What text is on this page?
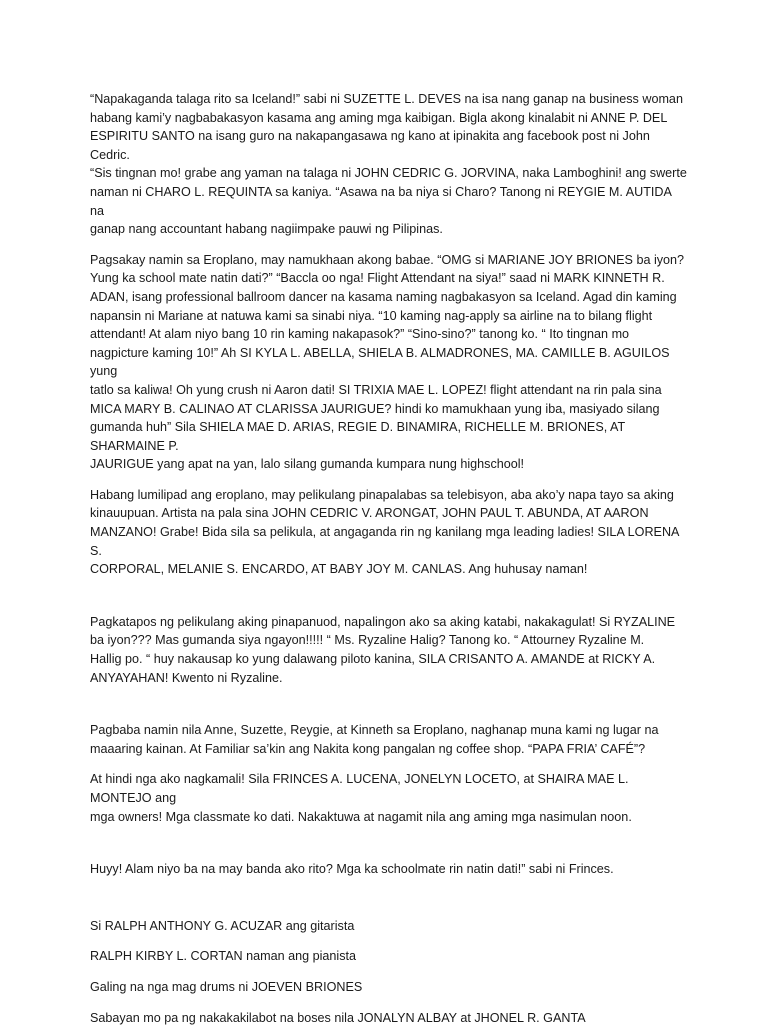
“Napakaganda talaga rito sa Iceland!” sabi ni SUZETTE L. DEVES na isa nang ganap na business woman
habang kami’y nagbabakasyon kasama ang aming mga kaibigan. Bigla akong kinalabit ni ANNE P. DEL
ESPIRITU SANTO na isang guro na nakapangasawa ng kano at ipinakita ang facebook post ni John Cedric.
“Sis tingnan mo! grabe ang yaman na talaga ni JOHN CEDRIC G. JORVINA, naka Lamboghini! ang swerte
naman ni CHARO L. REQUINTA sa kaniya. “Asawa na ba niya si Charo? Tanong ni REYGIE M. AUTIDA na
ganap nang accountant habang nagiimpake pauwi ng Pilipinas.

Pagsakay namin sa Eroplano, may namukhaan akong babae. “OMG si MARIANE JOY BRIONES ba iyon?
Yung ka school mate natin dati?” “Baccla oo nga! Flight Attendant na siya!” saad ni MARK KINNETH R.
ADAN, isang professional ballroom dancer na kasama naming nagbakasyon sa Iceland. Agad din kaming
napansin ni Mariane at natuwa kami sa sinabi niya. “10 kaming nag-apply sa airline na to bilang flight
attendant! At alam niyo bang 10 rin kaming nakapasok?” “Sino-sino?” tanong ko. “ Ito tingnan mo
nagpicture kaming 10!” Ah SI KYLA L. ABELLA, SHIELA B. ALMADRONES, MA. CAMILLE B. AGUILOS yung
tatlo sa kaliwa! Oh yung crush ni Aaron dati! SI TRIXIA MAE L. LOPEZ! flight attendant na rin pala sina
MICA MARY B. CALINAO AT CLARISSA JAURIGUE? hindi ko mamukhaan yung iba, masiyado silang
gumanda huh” Sila SHIELA MAE D. ARIAS, REGIE D. BINAMIRA, RICHELLE M. BRIONES, AT SHARMAINE P.
JAURIGUE yang apat na yan, lalo silang gumanda kumpara nung highschool!

Habang lumilipad ang eroplano, may pelikulang pinapalabas sa telebisyon, aba ako’y napa tayo sa aking
kinauupuan. Artista na pala sina JOHN CEDRIC V. ARONGAT, JOHN PAUL T. ABUNDA, AT AARON
MANZANO! Grabe! Bida sila sa pelikula, at angaganda rin ng kanilang mga leading ladies! SILA LORENA S.
CORPORAL, MELANIE S. ENCARDO, AT BABY JOY M. CANLAS. Ang huhusay naman!

Pagkatapos ng pelikulang aking pinapanuod, napalingon ako sa aking katabi, nakakagulat! Si RYZALINE
ba iyon??? Mas gumanda siya ngayon!!!!! “ Ms. Ryzaline Halig? Tanong ko. “ Attourney Ryzaline M.
Hallig po. “ huy nakausap ko yung dalawang piloto kanina, SILA CRISANTO A. AMANDE at RICKY A.
ANYAYAHAN! Kwento ni Ryzaline.

Pagbaba namin nila Anne, Suzette, Reygie, at Kinneth sa Eroplano, naghanap muna kami ng lugar na
maaaring kainan. At Familiar sa’kin ang Nakita kong pangalan ng coffee shop. “PAPA FRIA’ CAFÉ”?

At hindi nga ako nagkamali! Sila FRINCES A. LUCENA, JONELYN LOCETO, at SHAIRA MAE L. MONTEJO ang
mga owners! Mga classmate ko dati. Nakaktuwa at nagamit nila ang aming mga nasimulan noon.

Huyy! Alam niyo ba na may banda ako rito? Mga ka schoolmate rin natin dati!” sabi ni Frinces.

Si RALPH ANTHONY G. ACUZAR ang gitarista

RALPH KIRBY L. CORTAN naman ang pianista

Galing na nga mag drums ni JOEVEN BRIONES

Sabayan mo pa ng nakakakilabot na boses nila JONALYN ALBAY at JHONEL R. GANTA
